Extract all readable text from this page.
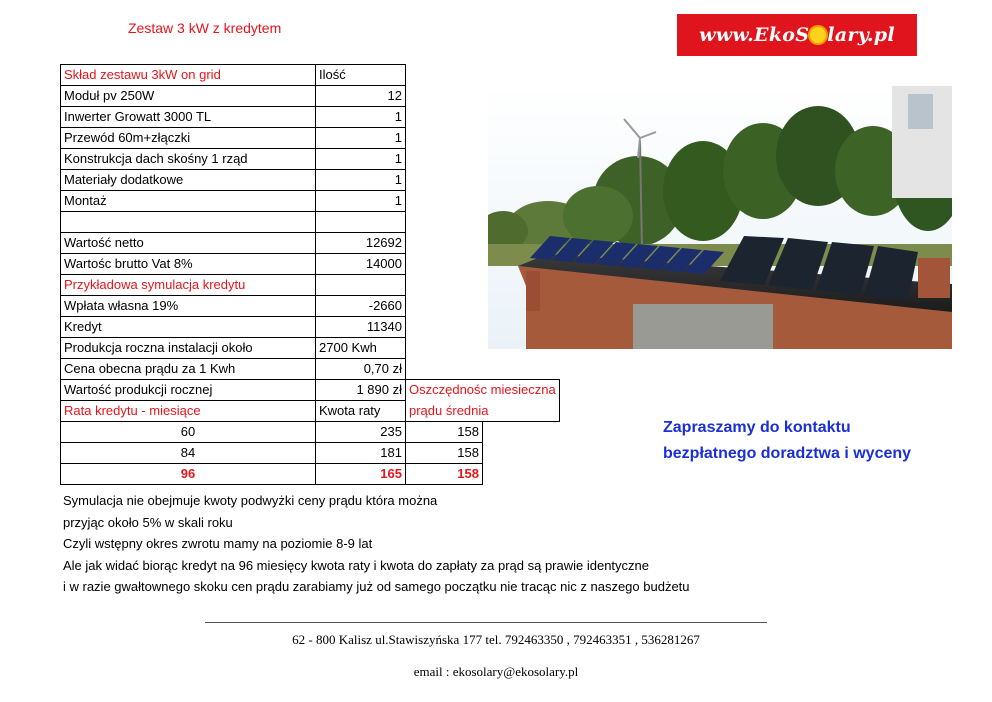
Zestaw 3 kW z kredytem	www.EkoS lary.pl
Skład zestawu 3kW on grid	Ilość		
Moduł pv 250W	12		
Inwerter Growatt 3000 TL	1		
Przewód 60m+złączki	1		
Konstrukcja dach skośny 1 rząd	1		
Materiały dodatkowe	1		
Montaż	1		

Wartość netto	12692		
Wartośc brutto Vat 8%	14000		
Przykładowa symulacja kredytu			
Wpłata własna 19%	-2660		
Kredyt	11340		
Produkcja roczna instalacji około	2700 Kwh		
Cena obecna prądu za 1 Kwh	0,70 zł		
Wartość produkcji rocznej	1 890 zł	Oszczędnośc miesieczna	
Rata kredytu - miesiące	Kwota raty	prądu średnia	
60	235	158	
84	181	158	
96	165	158	
Zapraszamy do kontaktu
bezpłatnego doradztwa i wyceny
Symulacja nie obejmuje kwoty podwyżki ceny prądu która można
przyjąc około 5% w skali roku
Czyli wstępny okres zwrotu mamy na poziomie 8-9 lat
Ale jak widać biorąc kredyt na 96 miesięcy kwota raty i kwota do zapłaty za prąd są prawie identyczne
i w razie gwałtownego skoku cen prądu zarabiamy już od samego początku nie tracąc nic z naszego budżetu
62 - 800 Kalisz ul.Stawiszyńska 177 tel. 792463350 , 792463351 , 536281267
email : ekosolary@ekosolary.pl
